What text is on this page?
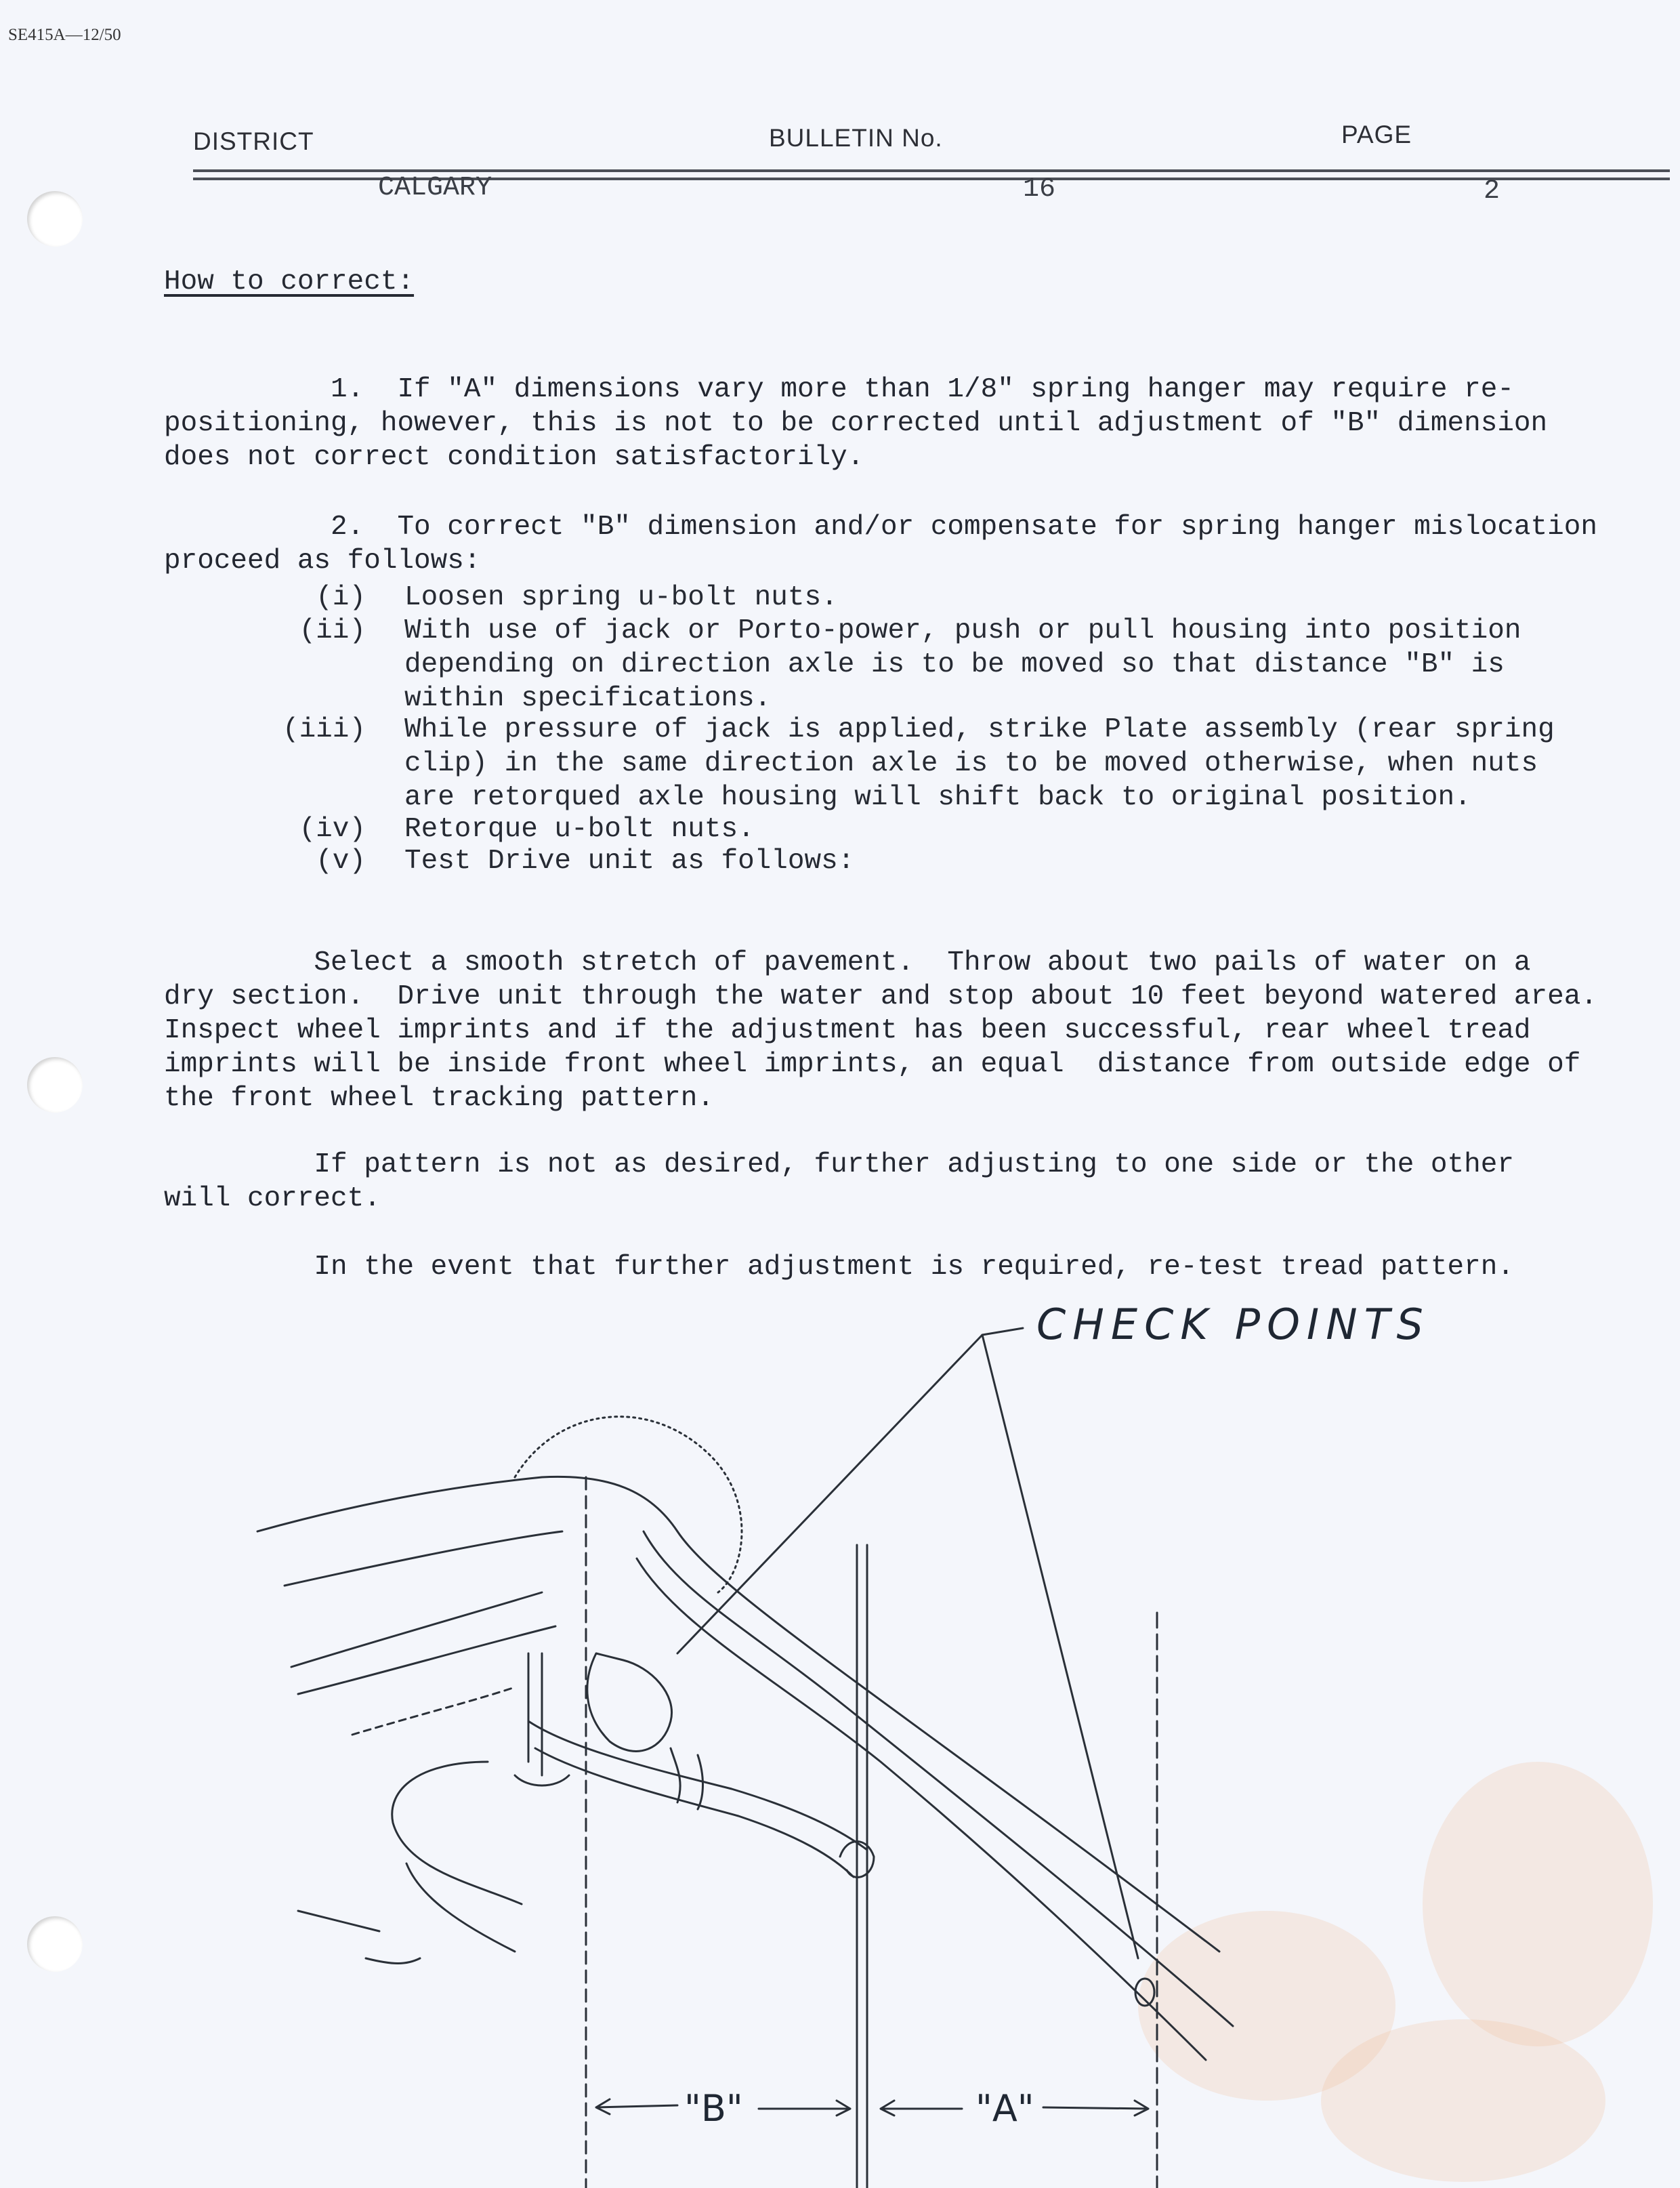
SE415A—12/50
DISTRICT	BULLETIN No.	PAGE
CALGARY	16	2
How to correct:

1.  If "A" dimensions vary more than 1/8" spring hanger may require re-
positioning, however, this is not to be corrected until adjustment of "B" dimension
does not correct condition satisfactorily.

2.  To correct "B" dimension and/or compensate for spring hanger mislocation
proceed as follows:
(i) Loosen spring u-bolt nuts.
(ii) With use of jack or Porto-power, push or pull housing into position
depending on direction axle is to be moved so that distance "B" is
within specifications.
(iii) While pressure of jack is applied, strike Plate assembly (rear spring
clip) in the same direction axle is to be moved otherwise, when nuts
are retorqued axle housing will shift back to original position.
(iv) Retorque u-bolt nuts.
(v) Test Drive unit as follows:

Select a smooth stretch of pavement.  Throw about two pails of water on a
dry section.  Drive unit through the water and stop about 10 feet beyond watered area.
Inspect wheel imprints and if the adjustment has been successful, rear wheel tread
imprints will be inside front wheel imprints, an equal  distance from outside edge of
the front wheel tracking pattern.

If pattern is not as desired, further adjusting to one side or the other
will correct.

In the event that further adjustment is required, re-test tread pattern.
CHECK POINTS
"B"	"A"
